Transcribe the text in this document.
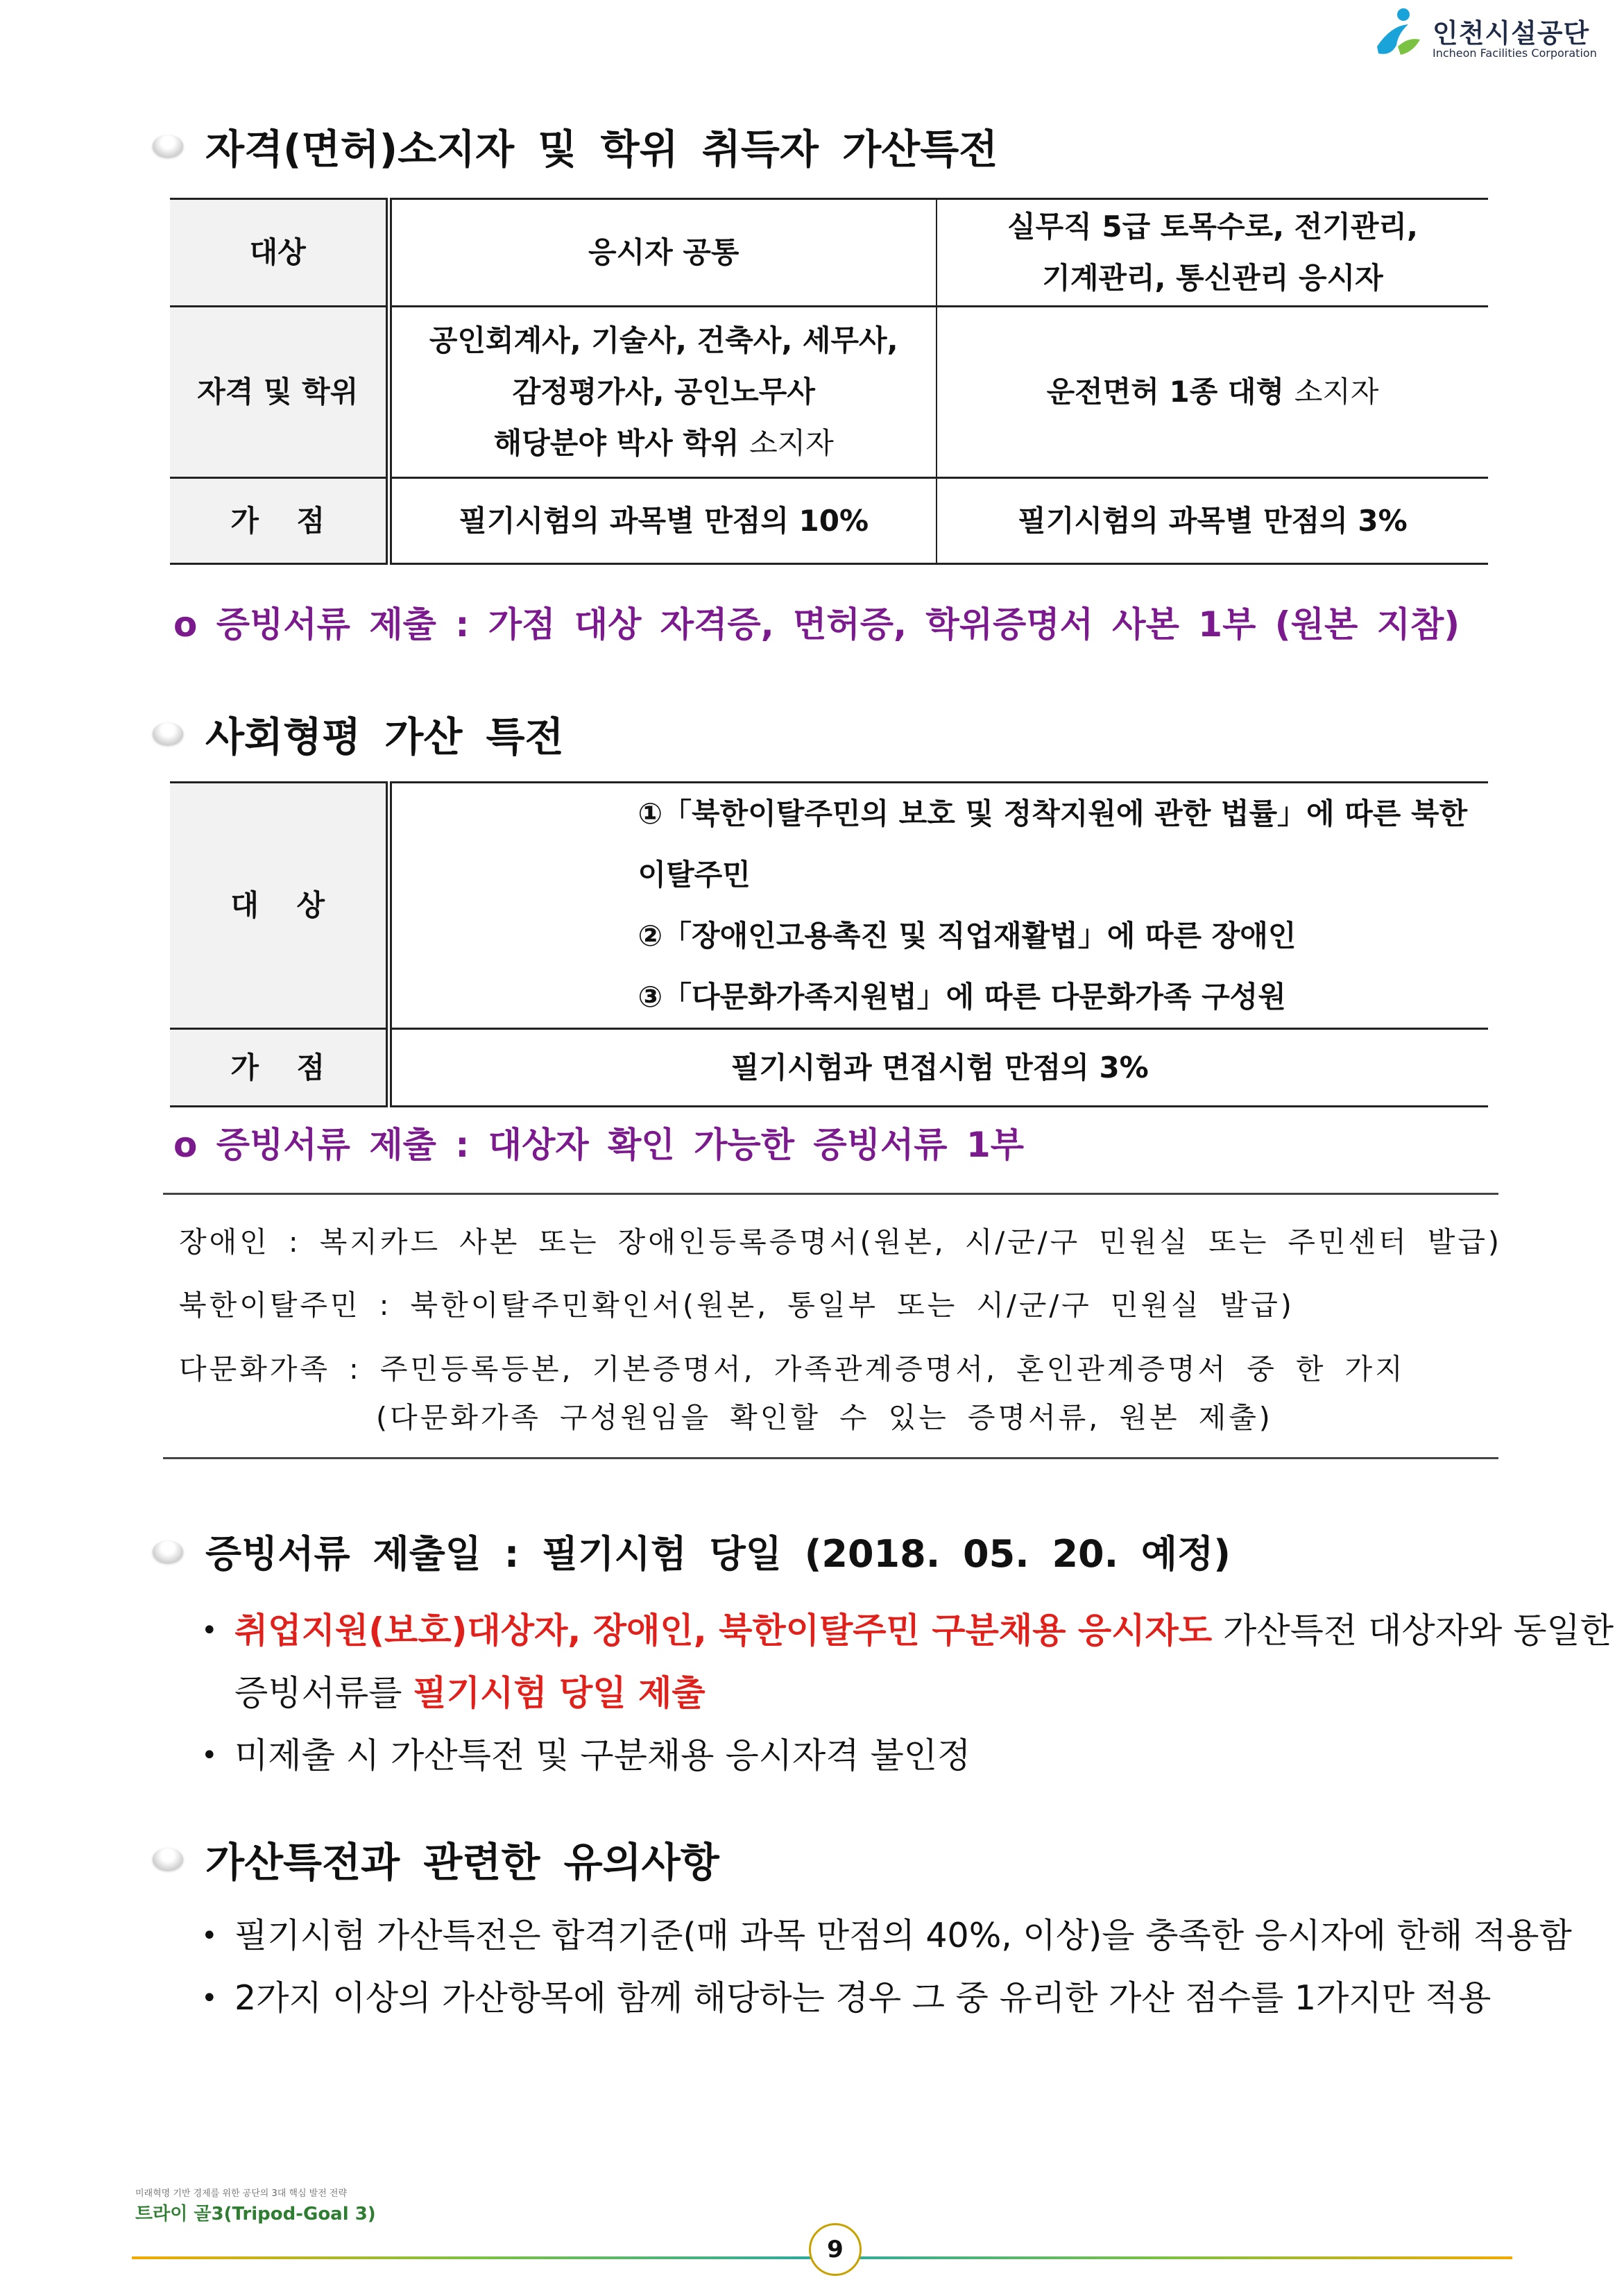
인천시설공단
Incheon Facilities Corporation
자격(면허)소지자 및 학위 취득자 가산특전
대상	응시자 공통	실무직 5급 토목수로, 전기관리,
기계관리, 통신관리 응시자

자격 및 학위	공인회계사, 기술사, 건축사, 세무사,
감정평가사, 공인노무사
해당분야 박사 학위 소지자	운전면허 1종 대형 소지자
가 점	필기시험의 과목별 만점의 10%	필기시험의 과목별 만점의 3%
o 증빙서류 제출 : 가점 대상 자격증, 면허증, 학위증명서 사본 1부 (원본 지참)
사회형평 가산 특전
대 상	①「북한이탈주민의 보호 및 정착지원에 관한 법률」에 따른 북한이탈주민
②「장애인고용촉진 및 직업재활법」에 따른 장애인
③「다문화가족지원법」에 따른 다문화가족 구성원

가 점	필기시험과 면접시험 만점의 3%
o 증빙서류 제출 : 대상자 확인 가능한 증빙서류 1부
장애인 : 복지카드 사본 또는 장애인등록증명서(원본, 시/군/구 민원실 또는 주민센터 발급)
북한이탈주민 : 북한이탈주민확인서(원본, 통일부 또는 시/군/구 민원실 발급)
다문화가족 : 주민등록등본, 기본증명서, 가족관계증명서, 혼인관계증명서 중 한 가지
(다문화가족 구성원임을 확인할 수 있는 증명서류, 원본 제출)
증빙서류 제출일 : 필기시험 당일 (2018. 05. 20. 예정)
• 취업지원(보호)대상자, 장애인, 북한이탈주민 구분채용 응시자도 가산특전 대상자와 동일한
증빙서류를 필기시험 당일 제출
• 미제출 시 가산특전 및 구분채용 응시자격 불인정
가산특전과 관련한 유의사항
• 필기시험 가산특전은 합격기준(매 과목 만점의 40%, 이상)을 충족한 응시자에 한해 적용함
• 2가지 이상의 가산항목에 함께 해당하는 경우 그 중 유리한 가산 점수를 1가지만 적용
미래혁명 기반 경제를 위한 공단의 3대 핵심 발전 전략
트라이 골3(Tripod-Goal 3)
9
